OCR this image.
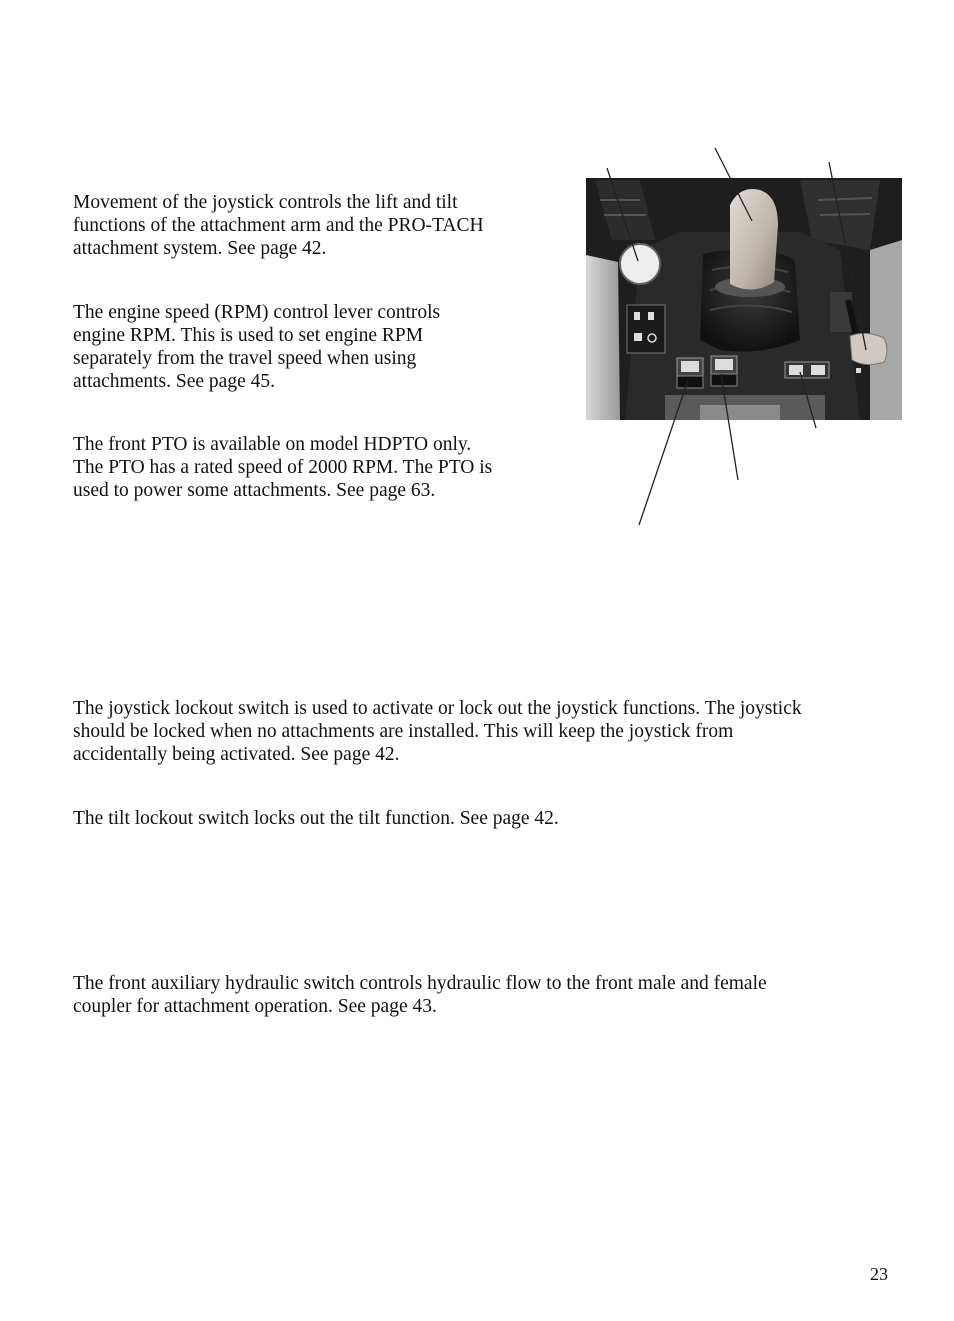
Movement of the joystick controls the lift and tilt
functions of the attachment arm and the PRO-TACH
attachment system. See page 42.

The engine speed (RPM) control lever controls
engine RPM. This is used to set engine RPM
separately from the travel speed when using
attachments. See page 45.

The front PTO is available on model HDPTO only.
The PTO has a rated speed of 2000 RPM. The PTO is
used to power some attachments. See page 63.

The joystick lockout switch is used to activate or lock out the joystick functions. The joystick
should be locked when no attachments are installed. This will keep the joystick from
accidentally being activated. See page 42.

The tilt lockout switch locks out the tilt function. See page 42.

The front auxiliary hydraulic switch controls hydraulic flow to the front male and female
coupler for attachment operation. See page 43.

23
